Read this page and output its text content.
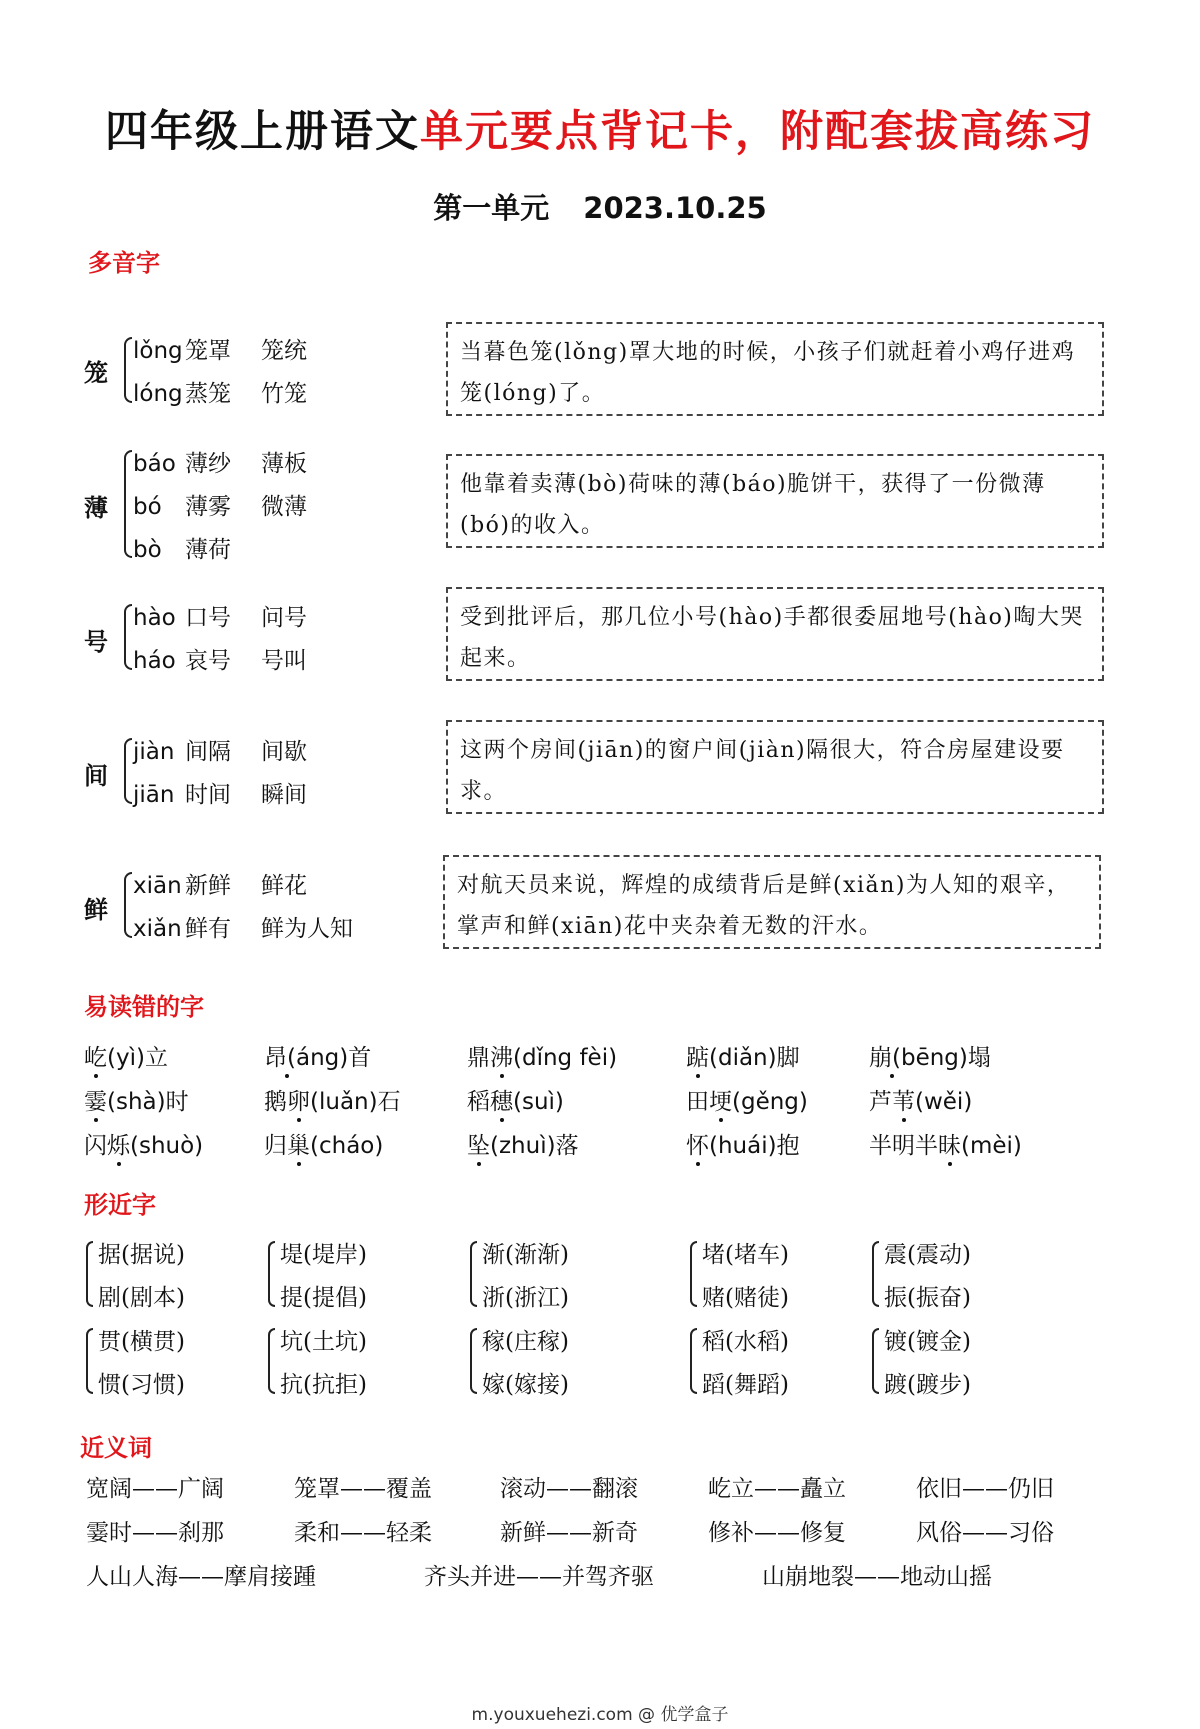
四年级上册语文单元要点背记卡，附配套拔高练习
第一单元 2023.10.25
多音字
笼
lǒng 笼罩 笼统
lóng 蒸笼 竹笼
当暮色笼(lǒng)罩大地的时候，小孩子们就赶着小鸡仔进鸡笼(lóng)了。
薄
báo 薄纱 薄板
bó 薄雾 微薄
bò 薄荷
他靠着卖薄(bò)荷味的薄(báo)脆饼干，获得了一份微薄(bó)的收入。
号
hào 口号 问号
háo 哀号 号叫
受到批评后，那几位小号(hào)手都很委屈地号(hào)啕大哭起来。
间
jiàn 间隔 间歇
jiān 时间 瞬间
这两个房间(jiān)的窗户间(jiàn)隔很大，符合房屋建设要求。
鲜
xiān 新鲜 鲜花
xiǎn 鲜有 鲜为人知
对航天员来说，辉煌的成绩背后是鲜(xiǎn)为人知的艰辛，掌声和鲜(xiān)花中夹杂着无数的汗水。
易读错的字
屹(yì)立	昂(áng)首	鼎沸(dǐng fèi)	踮(diǎn)脚	崩(bēng)塌
霎(shà)时	鹅卵(luǎn)石	稻穗(suì)	田埂(gěng)	芦苇(wěi)
闪烁(shuò)	归巢(cháo)	坠(zhuì)落	怀(huái)抱	半明半昧(mèi)
形近字
据(据说)
剧(剧本)
堤(堤岸)
提(提倡)
渐(渐渐)
浙(浙江)
堵(堵车)
赌(赌徒)
震(震动)
振(振奋)
贯(横贯)
惯(习惯)
坑(土坑)
抗(抗拒)
稼(庄稼)
嫁(嫁接)
稻(水稻)
蹈(舞蹈)
镀(镀金)
踱(踱步)
近义词
宽阔——广阔	笼罩——覆盖	滚动——翻滚	屹立——矗立	依旧——仍旧
霎时——刹那	柔和——轻柔	新鲜——新奇	修补——修复	风俗——习俗
人山人海——摩肩接踵	齐头并进——并驾齐驱	山崩地裂——地动山摇
m.youxuehezi.com @ 优学盒子
